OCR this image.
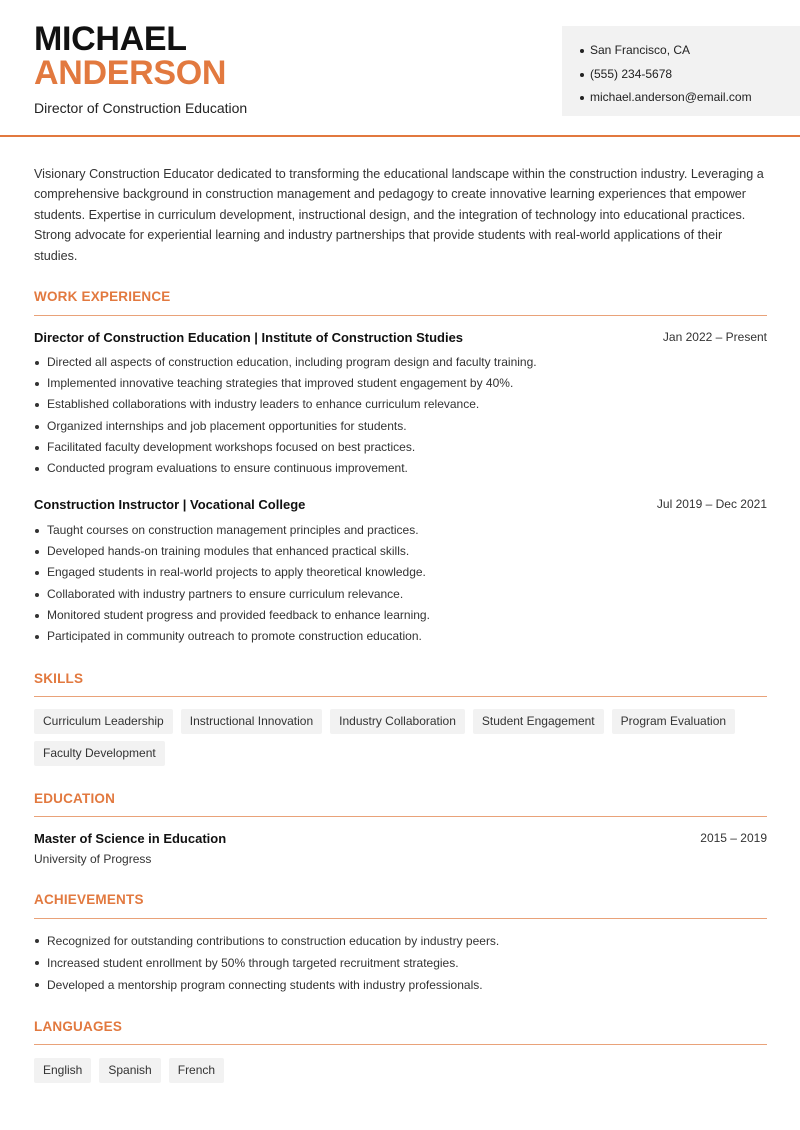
MICHAEL
ANDERSON

Director of Construction Education

San Francisco, CA
(555) 234-5678
michael.anderson@email.com

Visionary Construction Educator dedicated to transforming the educational landscape within the construction industry. Leveraging a comprehensive background in construction management and pedagogy to create innovative learning experiences that empower students. Expertise in curriculum development, instructional design, and the integration of technology into educational practices. Strong advocate for experiential learning and industry partnerships that provide students with real-world applications of their studies.

WORK EXPERIENCE
Director of Construction Education | Institute of Construction Studies	Jan 2022 – Present
Directed all aspects of construction education, including program design and faculty training.
Implemented innovative teaching strategies that improved student engagement by 40%.
Established collaborations with industry leaders to enhance curriculum relevance.
Organized internships and job placement opportunities for students.
Facilitated faculty development workshops focused on best practices.
Conducted program evaluations to ensure continuous improvement.
Construction Instructor | Vocational College	Jul 2019 – Dec 2021
Taught courses on construction management principles and practices.
Developed hands-on training modules that enhanced practical skills.
Engaged students in real-world projects to apply theoretical knowledge.
Collaborated with industry partners to ensure curriculum relevance.
Monitored student progress and provided feedback to enhance learning.
Participated in community outreach to promote construction education.
SKILLS
Curriculum Leadership	Instructional Innovation	Industry Collaboration	Student Engagement	Program Evaluation
Faculty Development
EDUCATION
Master of Science in Education	2015 – 2019
University of Progress
ACHIEVEMENTS
Recognized for outstanding contributions to construction education by industry peers.
Increased student enrollment by 50% through targeted recruitment strategies.
Developed a mentorship program connecting students with industry professionals.
LANGUAGES
English	Spanish	French
